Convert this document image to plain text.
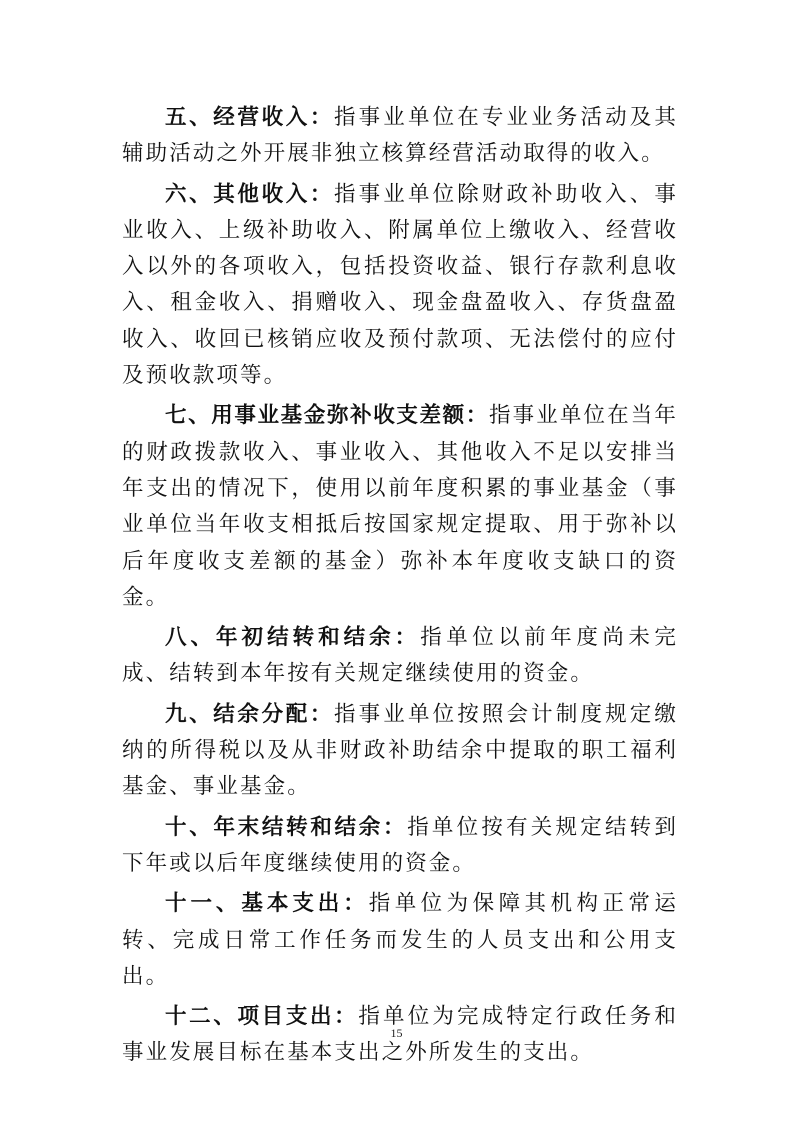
五、经营收入：指事业单位在专业业务活动及其辅助活动之外开展非独立核算经营活动取得的收入。

六、其他收入：指事业单位除财政补助收入、事业收入、上级补助收入、附属单位上缴收入、经营收入以外的各项收入，包括投资收益、银行存款利息收入、租金收入、捐赠收入、现金盘盈收入、存货盘盈收入、收回已核销应收及预付款项、无法偿付的应付及预收款项等。

七、用事业基金弥补收支差额：指事业单位在当年的财政拨款收入、事业收入、其他收入不足以安排当年支出的情况下，使用以前年度积累的事业基金（事业单位当年收支相抵后按国家规定提取、用于弥补以后年度收支差额的基金）弥补本年度收支缺口的资金。

八、年初结转和结余：指单位以前年度尚未完成、结转到本年按有关规定继续使用的资金。

九、结余分配：指事业单位按照会计制度规定缴纳的所得税以及从非财政补助结余中提取的职工福利基金、事业基金。

十、年末结转和结余：指单位按有关规定结转到下年或以后年度继续使用的资金。

十一、基本支出：指单位为保障其机构正常运转、完成日常工作任务而发生的人员支出和公用支出。

十二、项目支出：指单位为完成特定行政任务和事业发展目标在基本支出之外所发生的支出。

15
